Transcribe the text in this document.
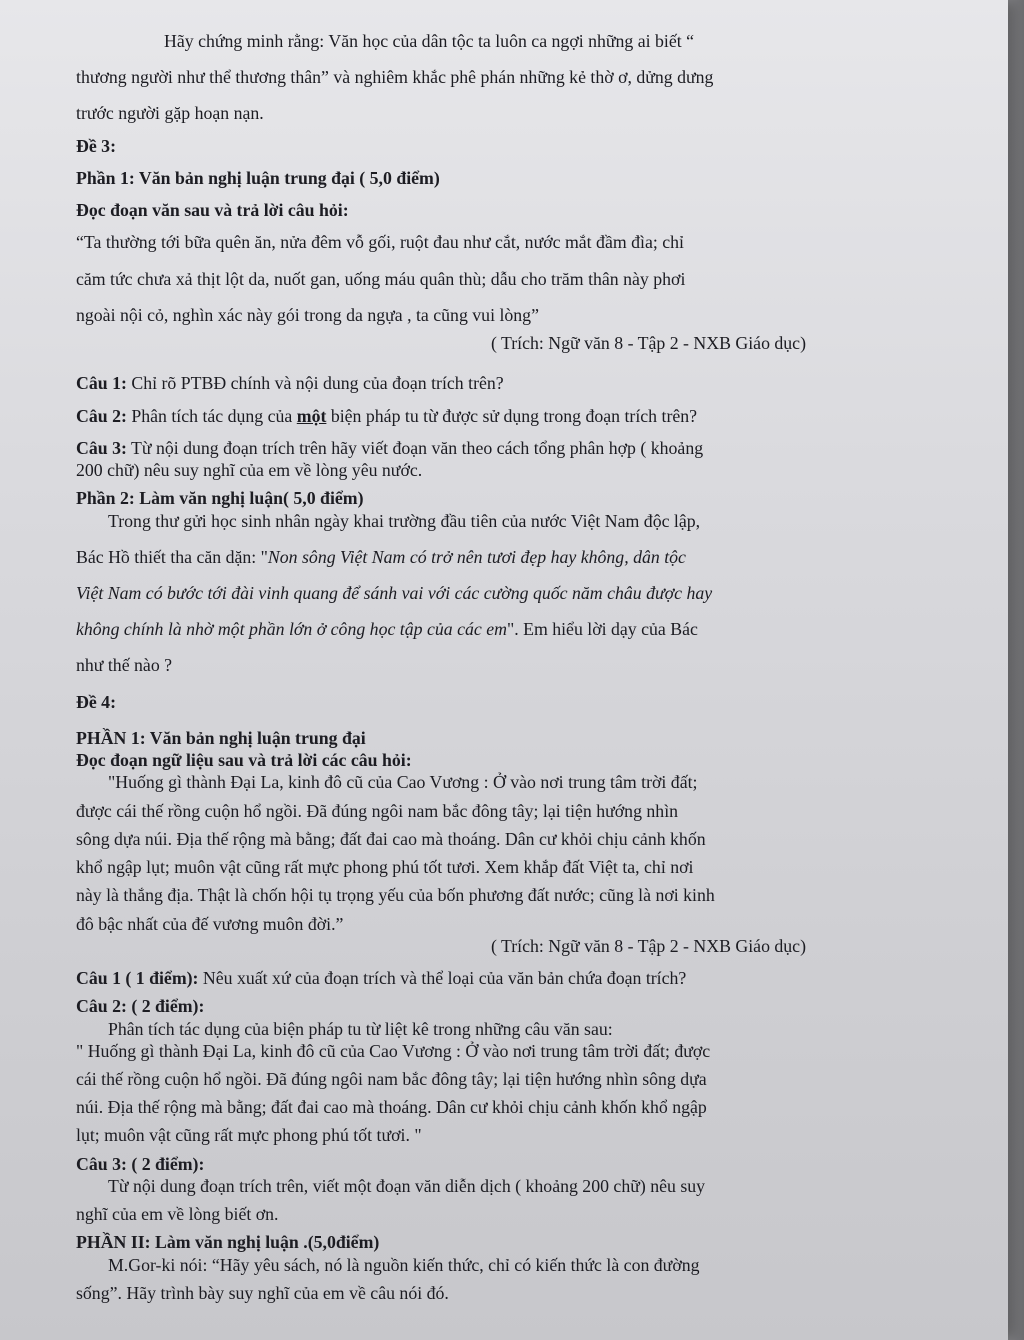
Hãy chứng minh rằng: Văn học của dân tộc ta luôn ca ngợi những ai biết “
thương người như thể thương thân” và nghiêm khắc phê phán những kẻ thờ ơ, dửng dưng
trước người gặp hoạn nạn.
Đề 3:
Phần 1: Văn bản nghị luận trung đại ( 5,0 điểm)
Đọc đoạn văn sau và trả lời câu hỏi:
“Ta thường tới bữa quên ăn, nửa đêm vỗ gối, ruột đau như cắt, nước mắt đầm đìa; chỉ
căm tức chưa xả thịt lột da, nuốt gan, uống máu quân thù; dẫu cho trăm thân này phơi
ngoài nội cỏ, nghìn xác này gói trong da ngựa , ta cũng vui lòng”
( Trích: Ngữ văn 8 - Tập 2 - NXB Giáo dục)
Câu 1: Chỉ rõ PTBĐ chính và nội dung của đoạn trích trên?
Câu 2: Phân tích tác dụng của một biện pháp tu từ được sử dụng trong đoạn trích trên?
Câu 3: Từ nội dung đoạn trích trên hãy viết đoạn văn theo cách tổng phân hợp ( khoảng
200 chữ) nêu suy nghĩ của em về lòng yêu nước.
Phần 2: Làm văn nghị luận( 5,0 điểm)
Trong thư gửi học sinh nhân ngày khai trường đầu tiên của nước Việt Nam độc lập,
Bác Hồ thiết tha căn dặn: "Non sông Việt Nam có trở nên tươi đẹp hay không, dân tộc
Việt Nam có bước tới đài vinh quang để sánh vai với các cường quốc năm châu được hay
không chính là nhờ một phần lớn ở công học tập của các em". Em hiểu lời dạy của Bác
như thế nào ?
Đề 4:
PHẦN 1: Văn bản nghị luận trung đại
Đọc đoạn ngữ liệu sau và trả lời các câu hỏi:
"Huống gì thành Đại La, kinh đô cũ của Cao Vương : Ở vào nơi trung tâm trời đất;
được cái thế rồng cuộn hổ ngồi. Đã đúng ngôi nam bắc đông tây; lại tiện hướng nhìn
sông dựa núi. Địa thế rộng mà bằng; đất đai cao mà thoáng. Dân cư khỏi chịu cảnh khốn
khổ ngập lụt; muôn vật cũng rất mực phong phú tốt tươi. Xem khắp đất Việt ta, chỉ nơi
này là thắng địa. Thật là chốn hội tụ trọng yếu của bốn phương đất nước; cũng là nơi kinh
đô bậc nhất của đế vương muôn đời.”
( Trích: Ngữ văn 8 - Tập 2 - NXB Giáo dục)
Câu 1 ( 1 điểm): Nêu xuất xứ của đoạn trích và thể loại của văn bản chứa đoạn trích?
Câu 2: ( 2 điểm):
Phân tích tác dụng của biện pháp tu từ liệt kê trong những câu văn sau:
" Huống gì thành Đại La, kinh đô cũ của Cao Vương : Ở vào nơi trung tâm trời đất; được
cái thế rồng cuộn hổ ngồi. Đã đúng ngôi nam bắc đông tây; lại tiện hướng nhìn sông dựa
núi. Địa thế rộng mà bằng; đất đai cao mà thoáng. Dân cư khỏi chịu cảnh khốn khổ ngập
lụt; muôn vật cũng rất mực phong phú tốt tươi. "
Câu 3: ( 2 điểm):
Từ nội dung đoạn trích trên, viết một đoạn văn diễn dịch ( khoảng 200 chữ) nêu suy
nghĩ của em về lòng biết ơn.
PHẦN II: Làm văn nghị luận .(5,0điểm)
M.Gor-ki nói: “Hãy yêu sách, nó là nguồn kiến thức, chỉ có kiến thức là con đường
sống”. Hãy trình bày suy nghĩ của em về câu nói đó.
